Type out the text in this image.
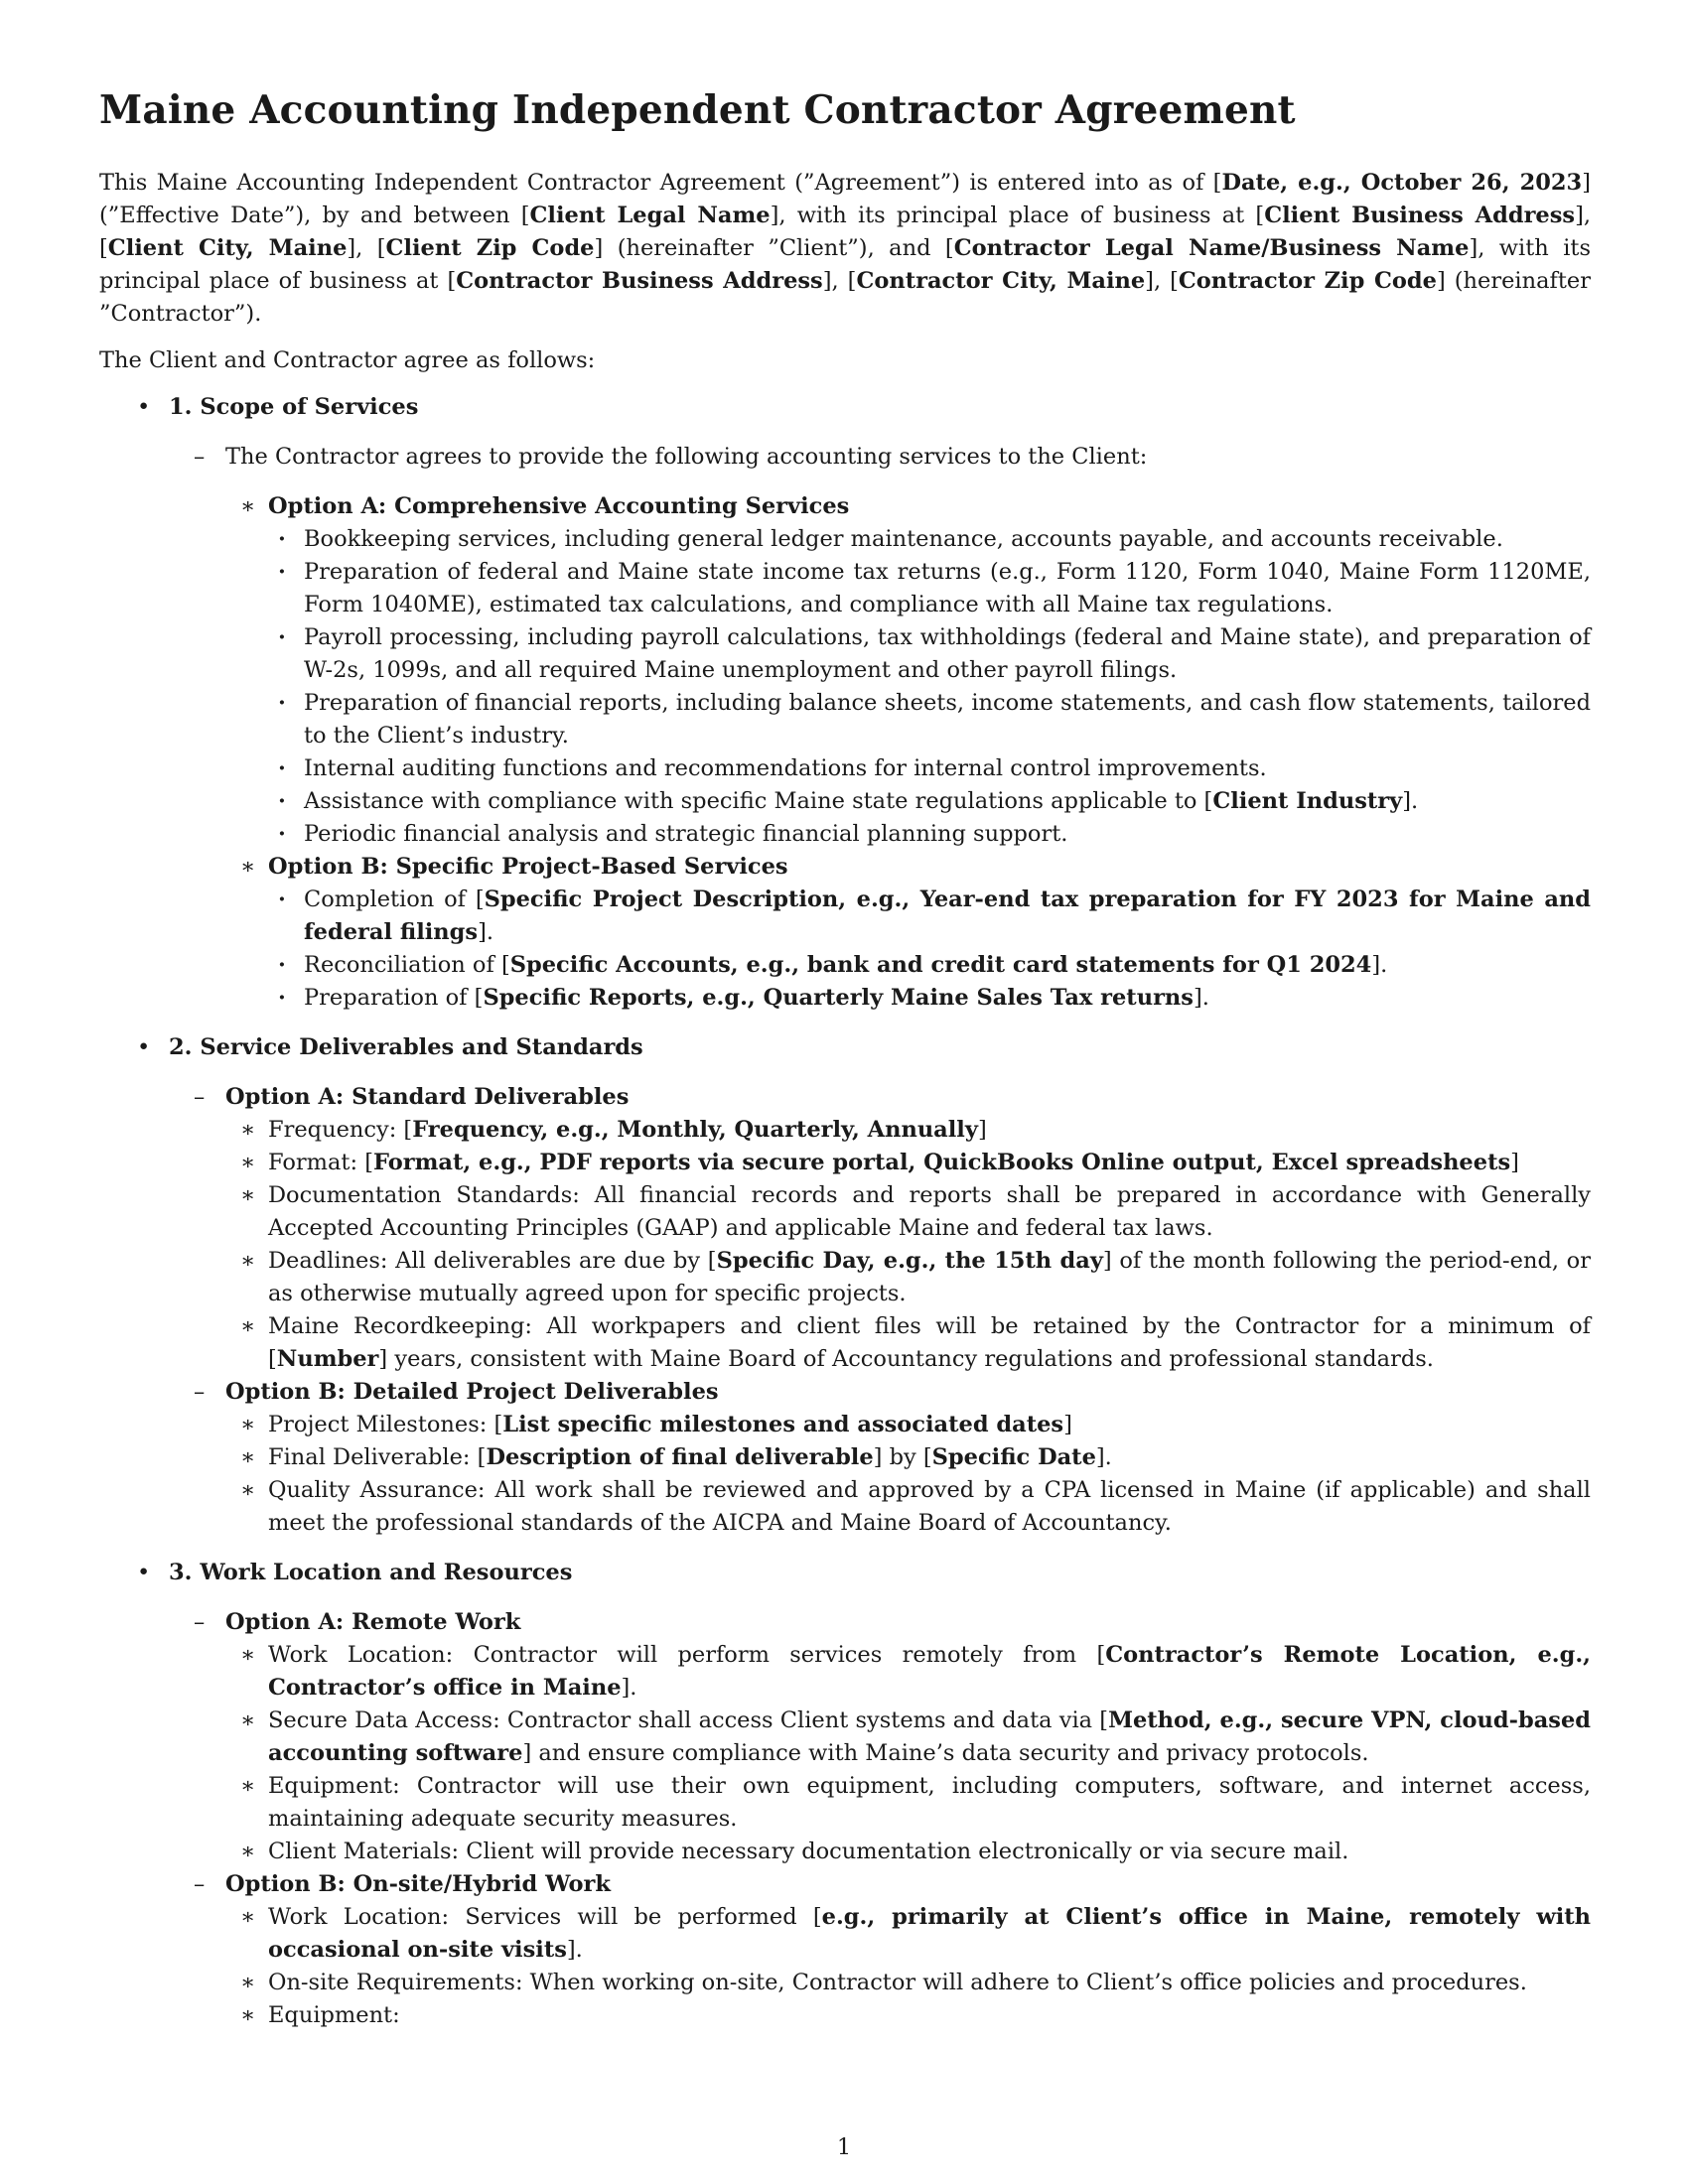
Maine Accounting Independent Contractor Agreement

This Maine Accounting Independent Contractor Agreement (”Agreement”) is entered into as of [Date, e.g., October 26, 2023] (”Effective Date”), by and between [Client Legal Name], with its principal place of business at [Client Business Address], [Client City, Maine], [Client Zip Code] (hereinafter ”Client”), and [Contractor Legal Name/Business Name], with its principal place of business at [Contractor Business Address], [Contractor City, Maine], [Contractor Zip Code] (hereinafter ”Contractor”).

The Client and Contractor agree as follows:

• 1. Scope of Services
– The Contractor agrees to provide the following accounting services to the Client:
∗ Option A: Comprehensive Accounting Services
· Bookkeeping services, including general ledger maintenance, accounts payable, and accounts receivable.
· Preparation of federal and Maine state income tax returns (e.g., Form 1120, Form 1040, Maine Form 1120ME, Form 1040ME), estimated tax calculations, and compliance with all Maine tax regulations.
· Payroll processing, including payroll calculations, tax withholdings (federal and Maine state), and preparation of W-2s, 1099s, and all required Maine unemployment and other payroll filings.
· Preparation of financial reports, including balance sheets, income statements, and cash flow statements, tailored to the Client’s industry.
· Internal auditing functions and recommendations for internal control improvements.
· Assistance with compliance with specific Maine state regulations applicable to [Client Industry].
· Periodic financial analysis and strategic financial planning support.
∗ Option B: Specific Project-Based Services
· Completion of [Specific Project Description, e.g., Year-end tax preparation for FY 2023 for Maine and federal filings].
· Reconciliation of [Specific Accounts, e.g., bank and credit card statements for Q1 2024].
· Preparation of [Specific Reports, e.g., Quarterly Maine Sales Tax returns].
• 2. Service Deliverables and Standards
– Option A: Standard Deliverables
∗ Frequency: [Frequency, e.g., Monthly, Quarterly, Annually]
∗ Format: [Format, e.g., PDF reports via secure portal, QuickBooks Online output, Excel spreadsheets]
∗ Documentation Standards: All financial records and reports shall be prepared in accordance with Generally Accepted Accounting Principles (GAAP) and applicable Maine and federal tax laws.
∗ Deadlines: All deliverables are due by [Specific Day, e.g., the 15th day] of the month following the period-end, or as otherwise mutually agreed upon for specific projects.
∗ Maine Recordkeeping: All workpapers and client files will be retained by the Contractor for a minimum of [Number] years, consistent with Maine Board of Accountancy regulations and professional standards.
– Option B: Detailed Project Deliverables
∗ Project Milestones: [List specific milestones and associated dates]
∗ Final Deliverable: [Description of final deliverable] by [Specific Date].
∗ Quality Assurance: All work shall be reviewed and approved by a CPA licensed in Maine (if applicable) and shall meet the professional standards of the AICPA and Maine Board of Accountancy.
• 3. Work Location and Resources
– Option A: Remote Work
∗ Work Location: Contractor will perform services remotely from [Contractor’s Remote Location, e.g., Contractor’s office in Maine].
∗ Secure Data Access: Contractor shall access Client systems and data via [Method, e.g., secure VPN, cloud-based accounting software] and ensure compliance with Maine’s data security and privacy protocols.
∗ Equipment: Contractor will use their own equipment, including computers, software, and internet access, maintaining adequate security measures.
∗ Client Materials: Client will provide necessary documentation electronically or via secure mail.
– Option B: On-site/Hybrid Work
∗ Work Location: Services will be performed [e.g., primarily at Client’s office in Maine, remotely with occasional on-site visits].
∗ On-site Requirements: When working on-site, Contractor will adhere to Client’s office policies and procedures.
∗ Equipment:
1
